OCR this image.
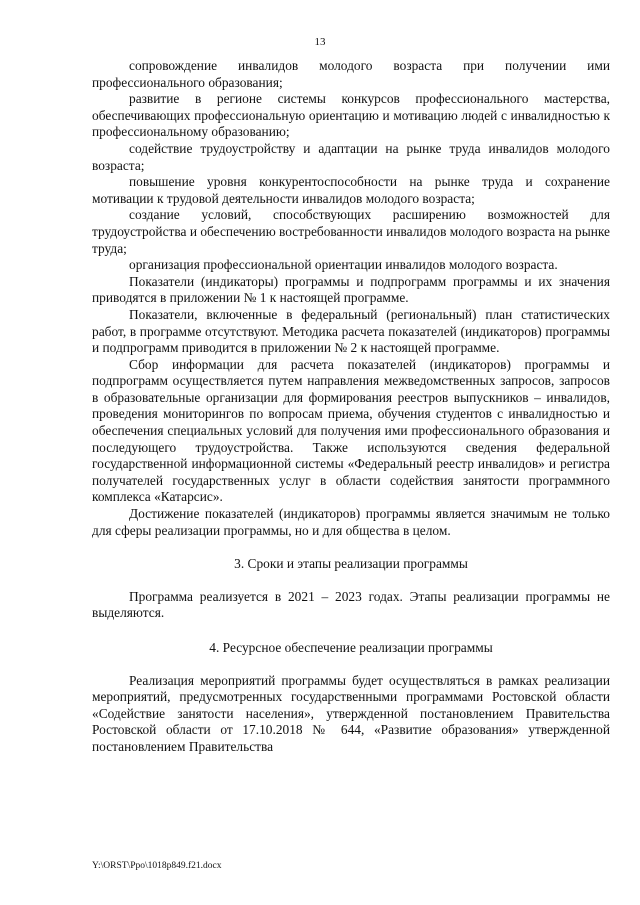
13

сопровождение инвалидов молодого возраста при получении ими профессионального образования;

развитие в регионе системы конкурсов профессионального мастерства, обеспечивающих профессиональную ориентацию и мотивацию людей с инвалидностью к профессиональному образованию;

содействие трудоустройству и адаптации на рынке труда инвалидов молодого возраста;

повышение уровня конкурентоспособности на рынке труда и сохранение мотивации к трудовой деятельности инвалидов молодого возраста;

создание условий, способствующих расширению возможностей для трудоустройства и обеспечению востребованности инвалидов молодого возраста на рынке труда;

организация профессиональной ориентации инвалидов молодого возраста.

Показатели (индикаторы) программы и подпрограмм программы и их значения приводятся в приложении № 1 к настоящей программе.

Показатели, включенные в федеральный (региональный) план статистических работ, в программе отсутствуют. Методика расчета показателей (индикаторов) программы и подпрограмм приводится в приложении № 2 к настоящей программе.

Сбор информации для расчета показателей (индикаторов) программы и подпрограмм осуществляется путем направления межведомственных запросов, запросов в образовательные организации для формирования реестров выпускников – инвалидов, проведения мониторингов по вопросам приема, обучения студентов с инвалидностью и обеспечения специальных условий для получения ими профессионального образования и последующего трудоустройства. Также используются сведения федеральной государственной информационной системы «Федеральный реестр инвалидов» и регистра получателей государственных услуг в области содействия занятости программного комплекса «Катарсис».

Достижение показателей (индикаторов) программы является значимым не только для сферы реализации программы, но и для общества в целом.

3. Сроки и этапы реализации программы

Программа реализуется в 2021 – 2023 годах. Этапы реализации программы не выделяются.

4. Ресурсное обеспечение реализации программы

Реализация мероприятий программы будет осуществляться в рамках реализации мероприятий, предусмотренных государственными программами Ростовской области «Содействие занятости населения», утвержденной постановлением Правительства Ростовской области от 17.10.2018 № 644, «Развитие образования» утвержденной постановлением Правительства

Y:\ORST\Ppo\1018p849.f21.docx
